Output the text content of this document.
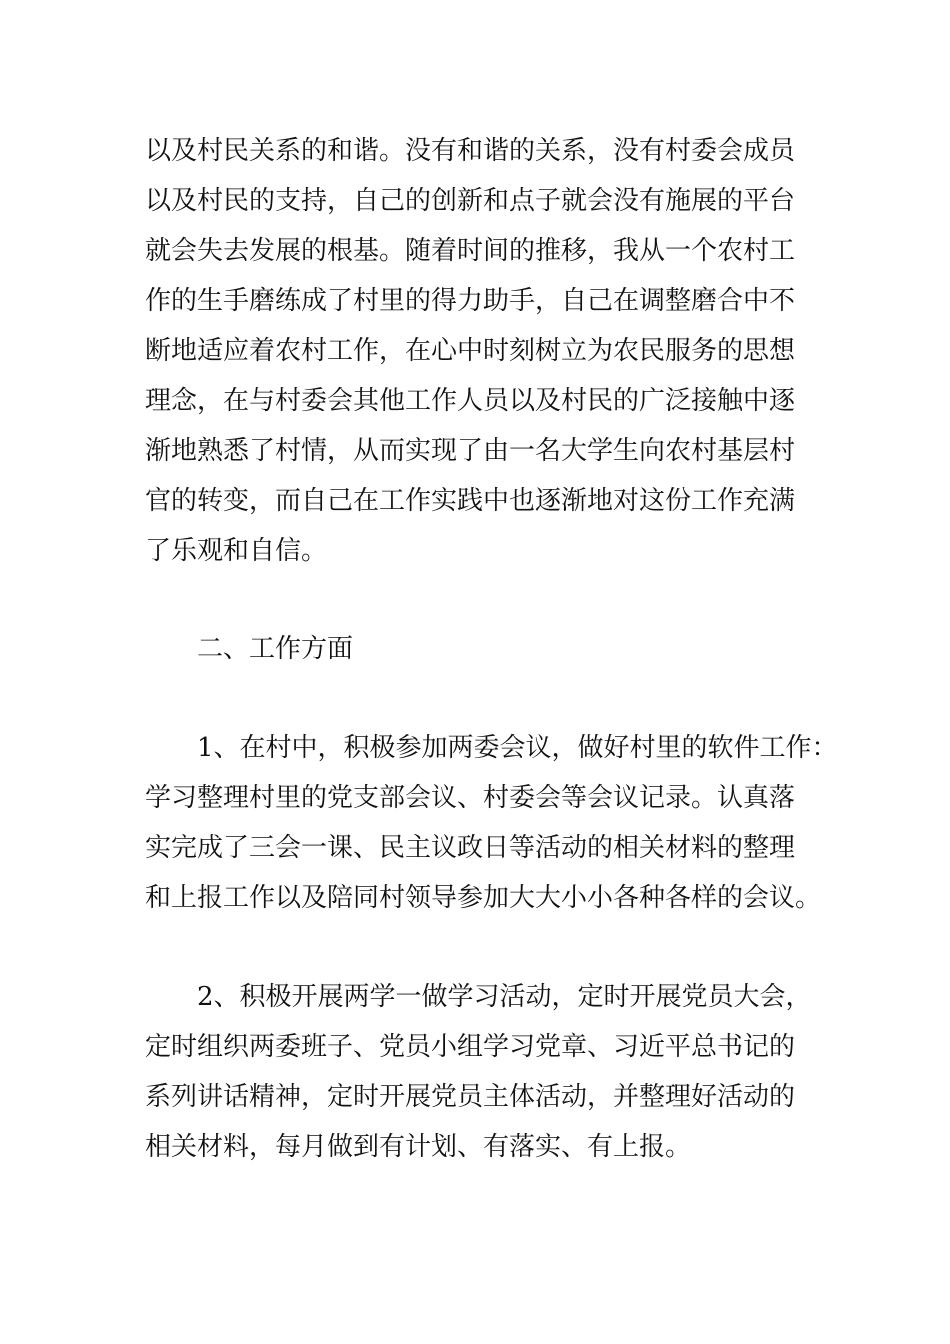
以及村民关系的和谐。没有和谐的关系，没有村委会成员
以及村民的支持，自己的创新和点子就会没有施展的平台
就会失去发展的根基。随着时间的推移，我从一个农村工
作的生手磨练成了村里的得力助手，自己在调整磨合中不
断地适应着农村工作，在心中时刻树立为农民服务的思想
理念，在与村委会其他工作人员以及村民的广泛接触中逐
渐地熟悉了村情，从而实现了由一名大学生向农村基层村
官的转变，而自己在工作实践中也逐渐地对这份工作充满
了乐观和自信。
二、工作方面
1、在村中，积极参加两委会议，做好村里的软件工作：
学习整理村里的党支部会议、村委会等会议记录。认真落
实完成了三会一课、民主议政日等活动的相关材料的整理
和上报工作以及陪同村领导参加大大小小各种各样的会议。
2、积极开展两学一做学习活动，定时开展党员大会，
定时组织两委班子、党员小组学习党章、习近平总书记的
系列讲话精神，定时开展党员主体活动，并整理好活动的
相关材料，每月做到有计划、有落实、有上报。
